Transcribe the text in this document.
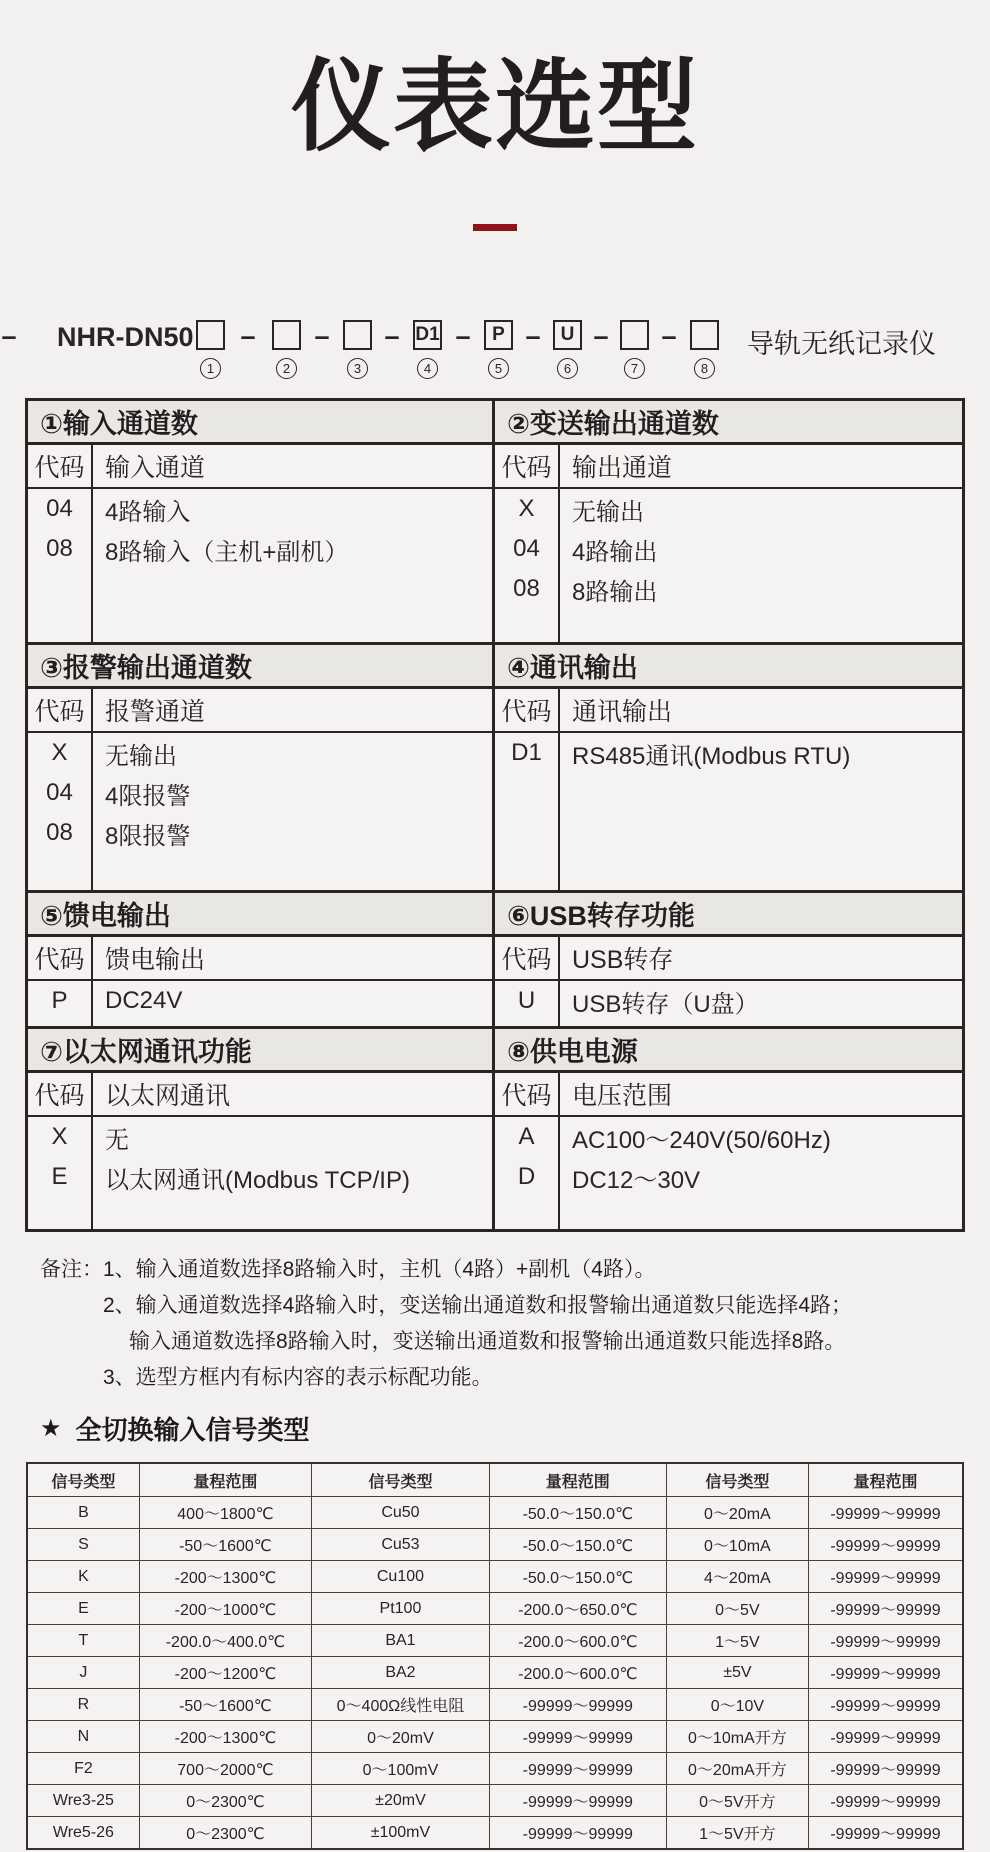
仪表选型
NHR-DN50 – – – – – – –
–	D1	P	U	导轨无纸记录仪
1	2	3	4	5	6	7	8
①输入通道数
代码 输入通道
04	4路输入
08	8路输入（主机+副机）
②变送输出通道数
代码 输出通道
X	无输出
04	4路输出
08	8路输出
③报警输出通道数
代码 报警通道
X	无输出
04	4限报警
08	8限报警
④通讯输出
代码 通讯输出
D1	RS485通讯(Modbus RTU)
⑤馈电输出
代码 馈电输出
P	DC24V
⑥USB转存功能
代码 USB转存
U	USB转存（U盘）
⑦以太网通讯功能
代码 以太网通讯
X	无
E	以太网通讯(Modbus TCP/IP)
⑧供电电源
代码 电压范围
A	AC100～240V(50/60Hz)
D	DC12～30V
备注： 1、输入通道数选择8路输入时，主机（4路）+副机（4路）。
2、输入通道数选择4路输入时，变送输出通道数和报警输出通道数只能选择4路；
输入通道数选择8路输入时，变送输出通道数和报警输出通道数只能选择8路。
3、选型方框内有标内容的表示标配功能。
★ 全切换输入信号类型
信号类型	量程范围	信号类型	量程范围	信号类型	量程范围
B	400～1800℃	Cu50	-50.0～150.0℃	0～20mA	-99999～99999
S	-50～1600℃	Cu53	-50.0～150.0℃	0～10mA	-99999～99999
K	-200～1300℃	Cu100	-50.0～150.0℃	4～20mA	-99999～99999
E	-200～1000℃	Pt100	-200.0～650.0℃	0～5V	-99999～99999
T	-200.0～400.0℃	BA1	-200.0～600.0℃	1～5V	-99999～99999
J	-200～1200℃	BA2	-200.0～600.0℃	±5V	-99999～99999
R	-50～1600℃	0～400Ω线性电阻	-99999～99999	0～10V	-99999～99999
N	-200～1300℃	0～20mV	-99999～99999	0～10mA开方	-99999～99999
F2	700～2000℃	0～100mV	-99999～99999	0～20mA开方	-99999～99999
Wre3-25	0～2300℃	±20mV	-99999～99999	0～5V开方	-99999～99999
Wre5-26	0～2300℃	±100mV	-99999～99999	1～5V开方	-99999～99999
